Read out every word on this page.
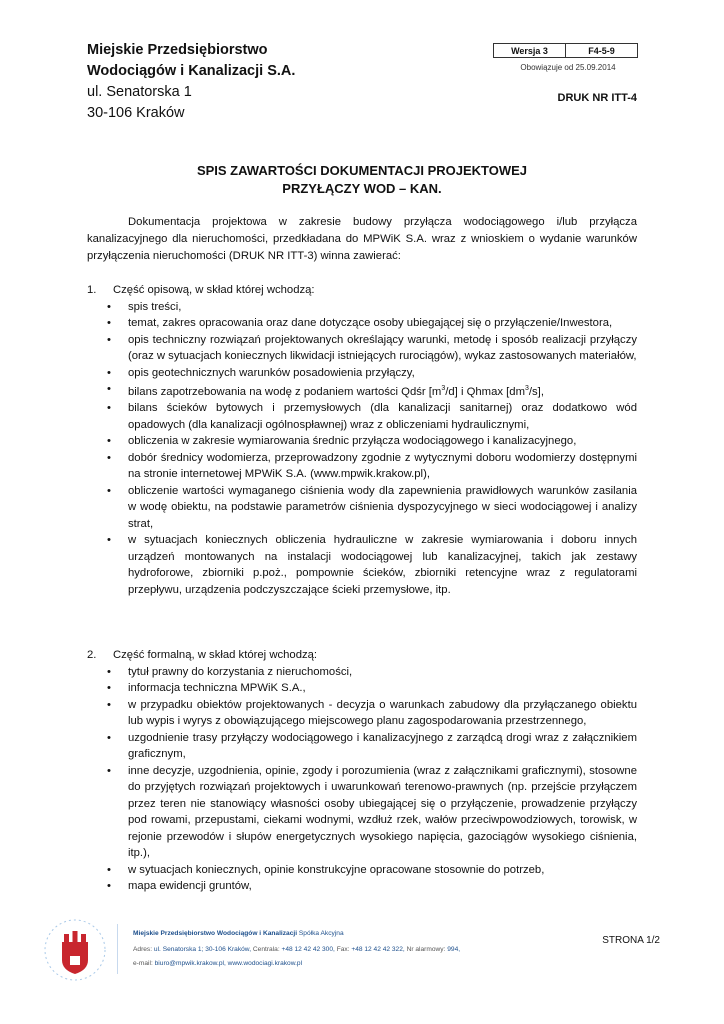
Miejskie Przedsiębiorstwo
Wodociągów i Kanalizacji S.A.
ul. Senatorska 1
30-106 Kraków
Wersja 3	F4-5-9
Obowiązuje od 25.09.2014
DRUK NR ITT-4
SPIS ZAWARTOŚCI DOKUMENTACJI PROJEKTOWEJ
PRZYŁĄCZY WOD – KAN.
Dokumentacja projektowa w zakresie budowy przyłącza wodociągowego i/lub przyłącza kanalizacyjnego dla nieruchomości, przedkładana do MPWiK S.A. wraz z wnioskiem o wydanie warunków przyłączenia nieruchomości (DRUK NR ITT-3) winna zawierać:
1.	Część opisową, w skład której wchodzą:
• spis treści,
• temat, zakres opracowania oraz dane dotyczące osoby ubiegającej się o przyłączenie/Inwestora,
• opis techniczny rozwiązań projektowanych określający warunki, metodę i sposób realizacji przyłączy (oraz w sytuacjach koniecznych likwidacji istniejących rurociągów), wykaz zastosowanych materiałów,
• opis geotechnicznych warunków posadowienia przyłączy,
• bilans zapotrzebowania na wodę z podaniem wartości Qdśr $[m^3/d]$ i Qhmax $[dm^3/s]$,
• bilans ścieków bytowych i przemysłowych (dla kanalizacji sanitarnej) oraz dodatkowo wód opadowych (dla kanalizacji ogólnospławnej) wraz z obliczeniami hydraulicznymi,
• obliczenia w zakresie wymiarowania średnic przyłącza wodociągowego i kanalizacyjnego,
• dobór średnicy wodomierza, przeprowadzony zgodnie z wytycznymi doboru wodomierzy dostępnymi na stronie internetowej MPWiK S.A. (www.mpwik.krakow.pl),
• obliczenie wartości wymaganego ciśnienia wody dla zapewnienia prawidłowych warunków zasilania w wodę obiektu, na podstawie parametrów ciśnienia dyspozycyjnego w sieci wodociągowej i analizy strat,
• w sytuacjach koniecznych obliczenia hydrauliczne w zakresie wymiarowania i doboru innych urządzeń montowanych na instalacji wodociągowej lub kanalizacyjnej, takich jak zestawy hydroforowe, zbiorniki p.poż., pompownie ścieków, zbiorniki retencyjne wraz z regulatorami przepływu, urządzenia podczyszczające ścieki przemysłowe, itp.
2.	Część formalną, w skład której wchodzą:
• tytuł prawny do korzystania z nieruchomości,
• informacja techniczna MPWiK S.A.,
• w przypadku obiektów projektowanych - decyzja o warunkach zabudowy dla przyłączanego obiektu lub wypis i wyrys z obowiązującego miejscowego planu zagospodarowania przestrzennego,
• uzgodnienie trasy przyłączy wodociągowego i kanalizacyjnego z zarządcą drogi wraz z załącznikiem graficznym,
• inne decyzje, uzgodnienia, opinie, zgody i porozumienia (wraz z załącznikami graficznymi), stosowne do przyjętych rozwiązań projektowych i uwarunkowań terenowo-prawnych (np. przejście przyłączem przez teren nie stanowiący własności osoby ubiegającej się o przyłączenie, prowadzenie przyłączy pod rowami, przepustami, ciekami wodnymi, wzdłuż rzek, wałów przeciwpowodziowych, torowisk, w rejonie przewodów i słupów energetycznych wysokiego napięcia, gazociągów wysokiego ciśnienia, itp.),
• w sytuacjach koniecznych, opinie konstrukcyjne opracowane stosownie do potrzeb,
• mapa ewidencji gruntów,
Miejskie Przedsiębiorstwo Wodociągów i Kanalizacji Spółka Akcyjna
Adres: ul. Senatorska 1; 30-106 Kraków, Centrala: +48 12 42 42 300, Fax: +48 12 42 42 322, Nr alarmowy: 994,
e-mail: biuro@mpwik.krakow.pl, www.wodociagi.krakow.pl
STRONA 1/2
